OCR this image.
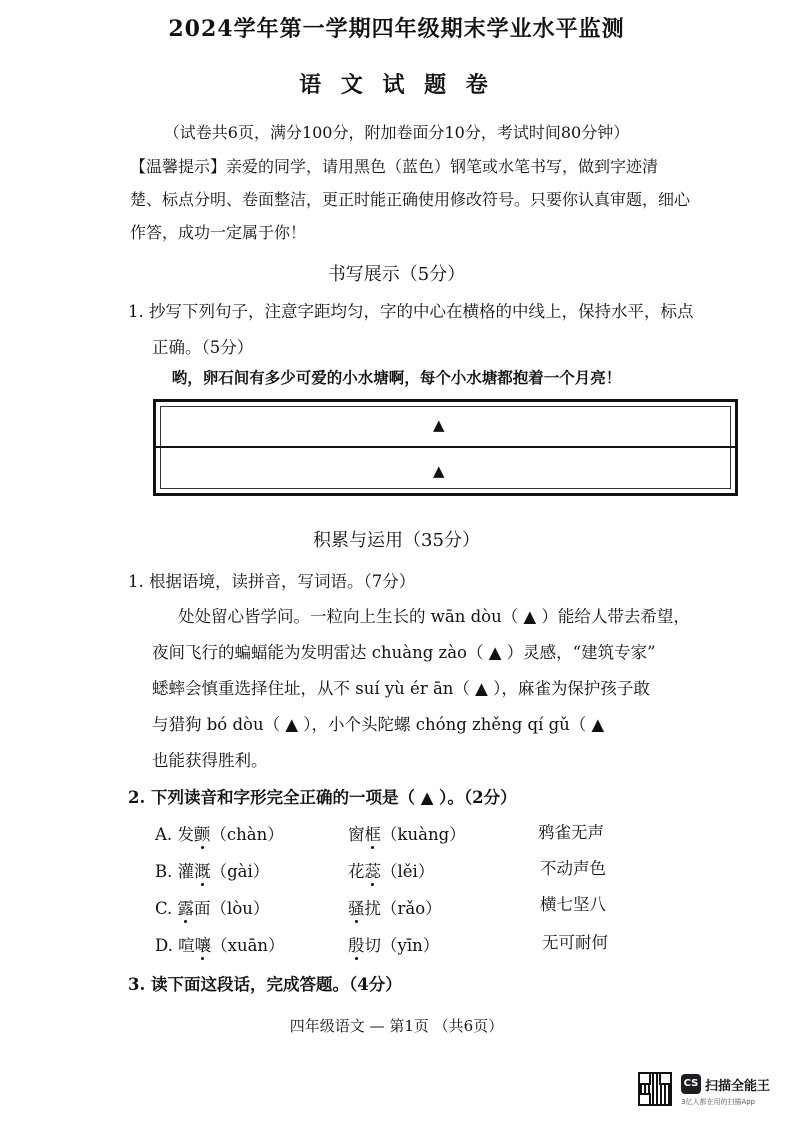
2024学年第一学期四年级期末学业水平监测
语 文 试 题 卷
（试卷共6页，满分100分，附加卷面分10分，考试时间80分钟）
【温馨提示】亲爱的同学，请用黑色（蓝色）钢笔或水笔书写，做到字迹清
楚、标点分明、卷面整洁，更正时能正确使用修改符号。只要你认真审题，细心
作答，成功一定属于你！
书写展示（5分）
1. 抄写下列句子，注意字距均匀，字的中心在横格的中线上，保持水平，标点
正确。（5分）
哟，卵石间有多少可爱的小水塘啊，每个小水塘都抱着一个月亮！
▲
▲
积累与运用（35分）
1. 根据语境，读拼音，写词语。（7分）
处处留心皆学问。一粒向上生长的 wān dòu（ ▲ ）能给人带去希望，
夜间飞行的蝙蝠能为发明雷达 chuàng zào（ ▲ ）灵感，“建筑专家”
蟋蟀会慎重选择住址，从不 suí yù ér ān（ ▲ ），麻雀为保护孩子敢
与猎狗 bó dòu（ ▲ ），小个头陀螺 chóng zhěng qí gǔ（ ▲
也能获得胜利。
2. 下列读音和字形完全正确的一项是（ ▲ ）。（2分）
A. 发颤（chàn）	窗框（kuàng）	鸦雀无声
B. 灌溉（gài）	花蕊（lěi）	不动声色
C. 露面（lòu）	骚扰（rǎo）	横七坚八
D. 喧嚷（xuān）	殷切（yīn）	无可耐何
3. 读下面这段话，完成答题。（4分）
四年级语文 — 第1页 （共6页）
CS 扫描全能王
3亿人都在用的扫描App
